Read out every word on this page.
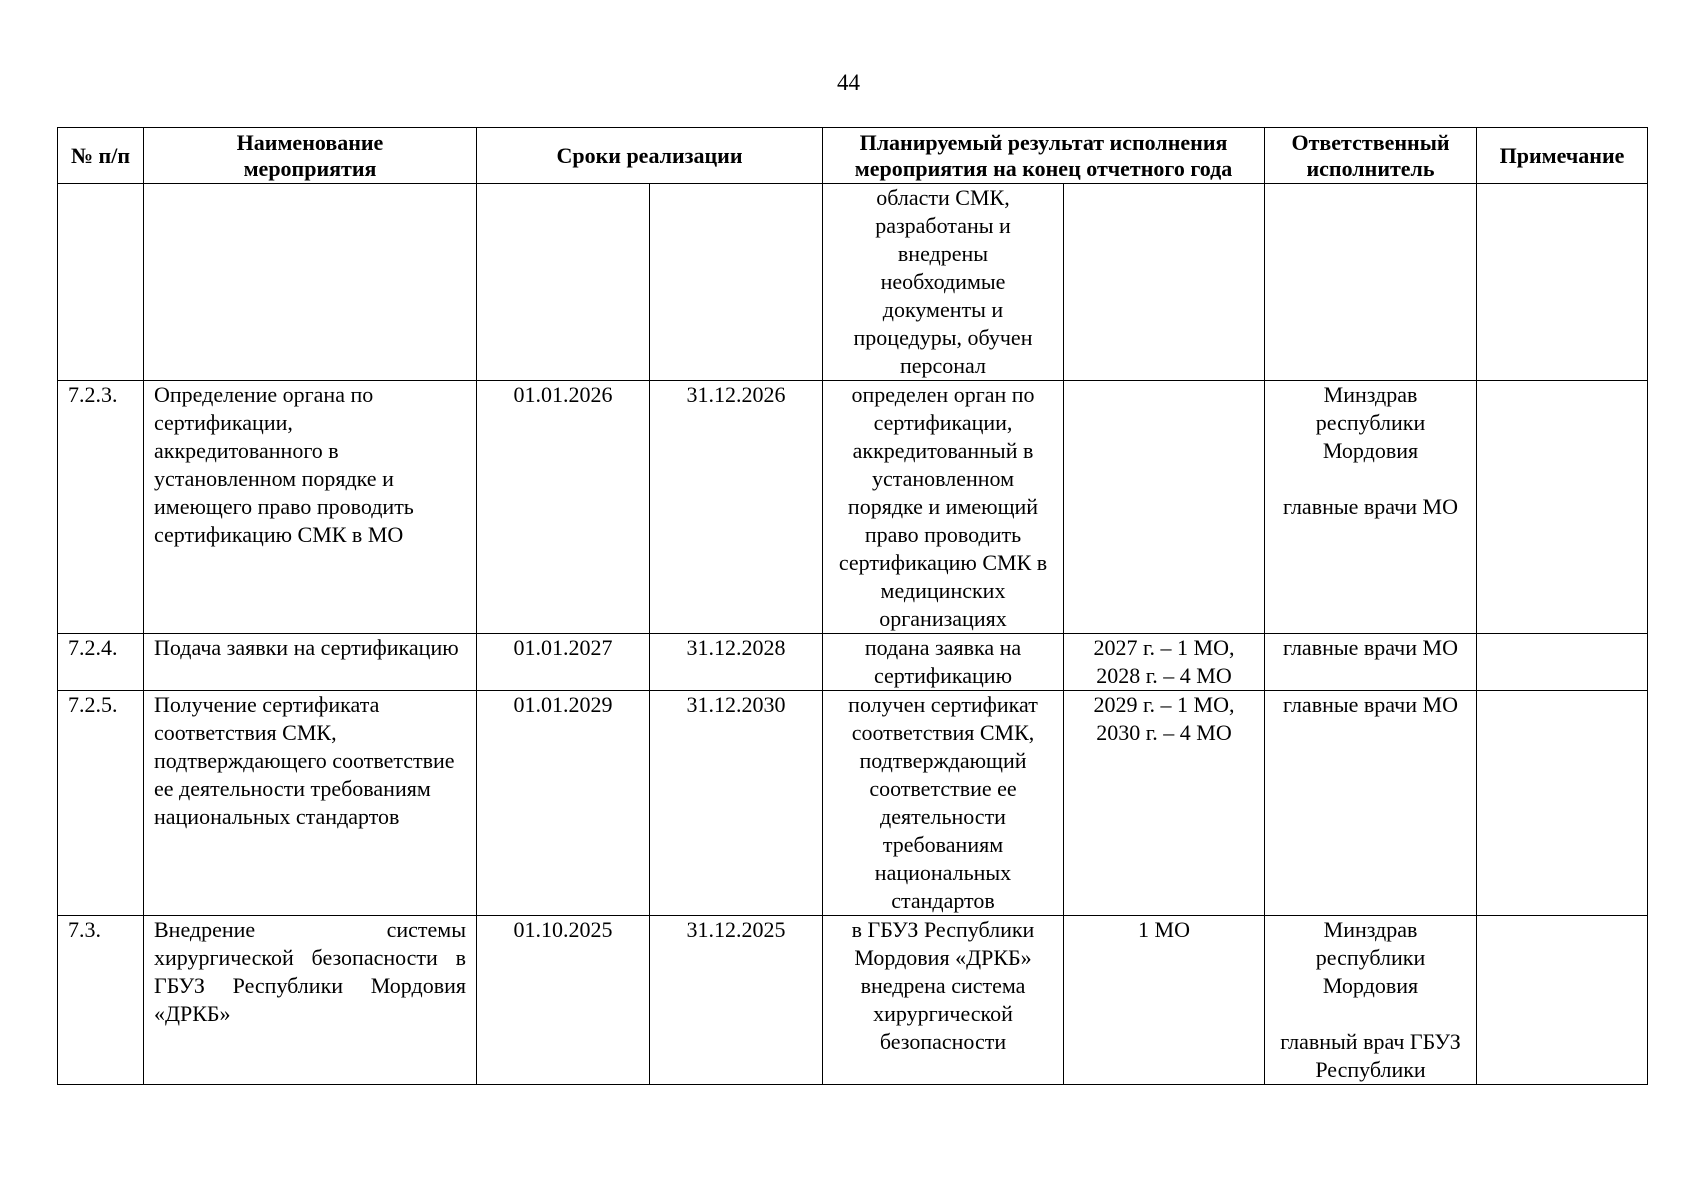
44
№ п/п	Наименование мероприятия	Сроки реализации		Планируемый результат исполнения мероприятия на конец отчетного года		Ответственный исполнитель	Примечание
				области СМК, разработаны и внедрены необходимые документы и процедуры, обучен персонал		

7.2.3.	Определение органа по сертификации, аккредитованного в установленном порядке и имеющего право проводить сертификацию СМК в МО	01.01.2026	31.12.2026	определен орган по сертификации, аккредитованный в установленном порядке и имеющий право проводить сертификацию СМК в медицинских организациях		Минздрав республики Мордовия
главные врачи МО	

7.2.4.	Подача заявки на сертификацию	01.01.2027	31.12.2028	подана заявка на сертификацию	2027 г. – 1 МО, 2028 г. – 4 МО	главные врачи МО	

7.2.5.	Получение сертификата соответствия СМК, подтверждающего соответствие ее деятельности требованиям национальных стандартов	01.01.2029	31.12.2030	получен сертификат соответствия СМК, подтверждающий соответствие ее деятельности требованиям национальных стандартов	2029 г. – 1 МО, 2030 г. – 4 МО	главные врачи МО	

7.3.	Внедрение системы хирургической безопасности в ГБУЗ Республики Мордовия «ДРКБ»	01.10.2025	31.12.2025	в ГБУЗ Республики Мордовия «ДРКБ» внедрена система хирургической безопасности	1 МО	Минздрав республики Мордовия
главный врач ГБУЗ Республики	
